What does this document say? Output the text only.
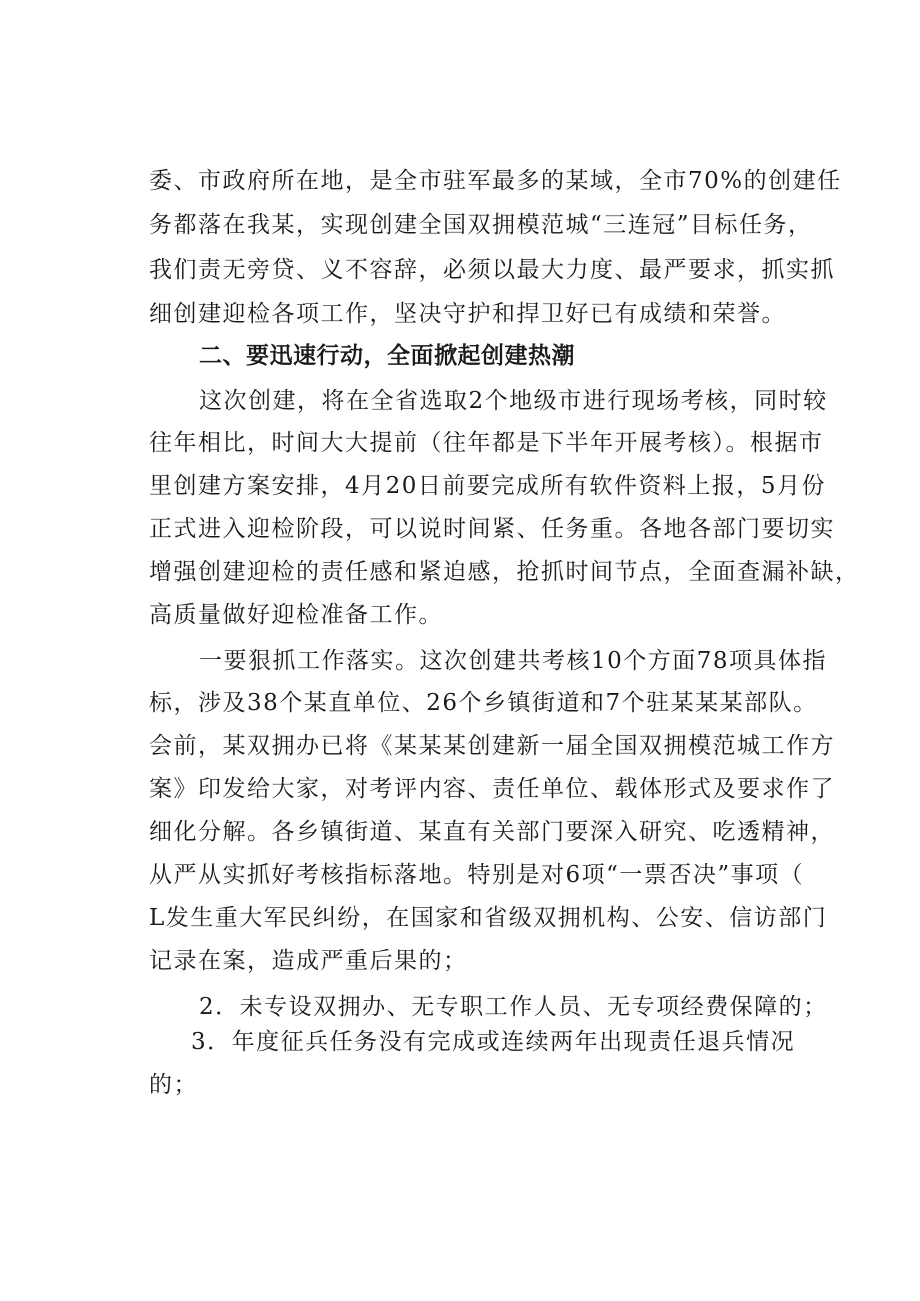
委、市政府所在地，是全市驻军最多的某域，全市70%的创建任

务都落在我某，实现创建全国双拥模范城“三连冠”目标任务，

我们责无旁贷、义不容辞，必须以最大力度、最严要求，抓实抓

细创建迎检各项工作，坚决守护和捍卫好已有成绩和荣誉。

二、要迅速行动，全面掀起创建热潮

这次创建，将在全省选取2个地级市进行现场考核，同时较

往年相比，时间大大提前（往年都是下半年开展考核）。根据市

里创建方案安排，4月20日前要完成所有软件资料上报，5月份

正式进入迎检阶段，可以说时间紧、任务重。各地各部门要切实

增强创建迎检的责任感和紧迫感，抢抓时间节点，全面查漏补缺，

高质量做好迎检准备工作。

一要狠抓工作落实。这次创建共考核10个方面78项具体指

标，涉及38个某直单位、26个乡镇街道和7个驻某某某部队。

会前，某双拥办已将《某某某创建新一届全国双拥模范城工作方

案》印发给大家，对考评内容、责任单位、载体形式及要求作了

细化分解。各乡镇街道、某直有关部门要深入研究、吃透精神，

从严从实抓好考核指标落地。特别是对6项“一票否决”事项（

L发生重大军民纠纷，在国家和省级双拥机构、公安、信访部门

记录在案，造成严重后果的；

2．未专设双拥办、无专职工作人员、无专项经费保障的；

3．年度征兵任务没有完成或连续两年出现责任退兵情况

的；
